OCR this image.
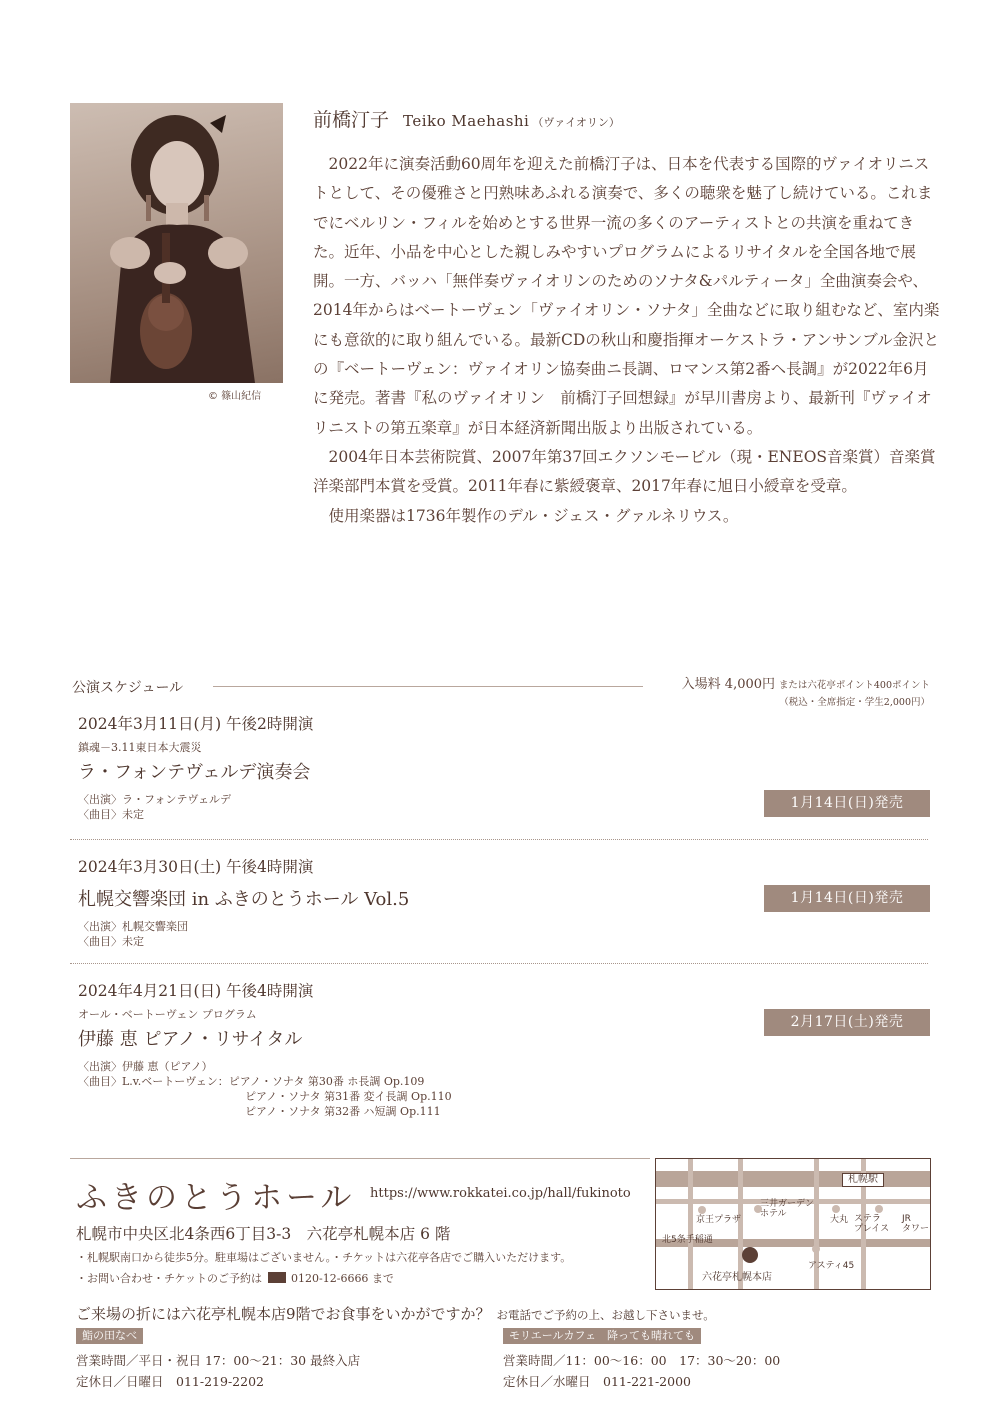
© 篠山紀信
前橋汀子 Teiko Maehashi （ヴァイオリン）

2022年に演奏活動60周年を迎えた前橋汀子は、日本を代表する国際的ヴァイオリニストとして、その優雅さと円熟味あふれる演奏で、多くの聴衆を魅了し続けている。これまでにベルリン・フィルを始めとする世界一流の多くのアーティストとの共演を重ねてきた。近年、小品を中心とした親しみやすいプログラムによるリサイタルを全国各地で展開。一方、バッハ「無伴奏ヴァイオリンのためのソナタ&パルティータ」全曲演奏会や、2014年からはベートーヴェン「ヴァイオリン・ソナタ」全曲などに取り組むなど、室内楽にも意欲的に取り組んでいる。最新CDの秋山和慶指揮オーケストラ・アンサンブル金沢との『ベートーヴェン：ヴァイオリン協奏曲ニ長調、ロマンス第2番ヘ長調』が2022年6月に発売。著書『私のヴァイオリン　前橋汀子回想録』が早川書房より、最新刊『ヴァイオリニストの第五楽章』が日本経済新聞出版より出版されている。

2004年日本芸術院賞、2007年第37回エクソンモービル（現・ENEOS音楽賞）音楽賞洋楽部門本賞を受賞。2011年春に紫綬褒章、2017年春に旭日小綬章を受章。

使用楽器は1736年製作のデル・ジェス・グァルネリウス。

公演スケジュール	入場料 4,000円 または六花亭ポイント400ポイント
（税込・全席指定・学生2,000円）
2024年3月11日(月) 午後2時開演
鎮魂－3.11東日本大震災
ラ・フォンテヴェルデ演奏会
〈出演〉ラ・フォンテヴェルデ
〈曲目〉未定
1月14日(日)発売
2024年3月30日(土) 午後4時開演
札幌交響楽団 in ふきのとうホール Vol.5
〈出演〉札幌交響楽団
〈曲目〉未定
1月14日(日)発売
2024年4月21日(日) 午後4時開演
オール・ベートーヴェン プログラム
伊藤 恵 ピアノ・リサイタル
〈出演〉伊藤 恵（ピアノ）
〈曲目〉L.v.ベートーヴェン：ピアノ・ソナタ 第30番 ホ長調 Op.109
ピアノ・ソナタ 第31番 変イ長調 Op.110
ピアノ・ソナタ 第32番 ハ短調 Op.111
2月17日(土)発売
ふきのとうホール https://www.rokkatei.co.jp/hall/fukinoto
札幌市中央区北4条西6丁目3-3　六花亭札幌本店 6 階
・札幌駅南口から徒歩5分。駐車場はございません。・チケットは六花亭各店でご購入いただけます。
・お問い合わせ・チケットのご予約は	0120-12-6666 まで
札幌駅
京王プラザ
三井ガーデン
ホテル
大丸 ステラ
プレイス
JR
タワー
北5条手稲通
六花亭札幌本店
アスティ45
ご来場の折には六花亭札幌本店9階でお食事をいかがですか？ お電話でご予約の上、お越し下さいませ。
鮨の田なべ
営業時間／平日・祝日 17：00～21：30 最終入店
定休日／日曜日　011-219-2202
モリエールカフェ　降っても晴れても
営業時間／11：00～16：00　17：30～20：00
定休日／水曜日　011-221-2000
